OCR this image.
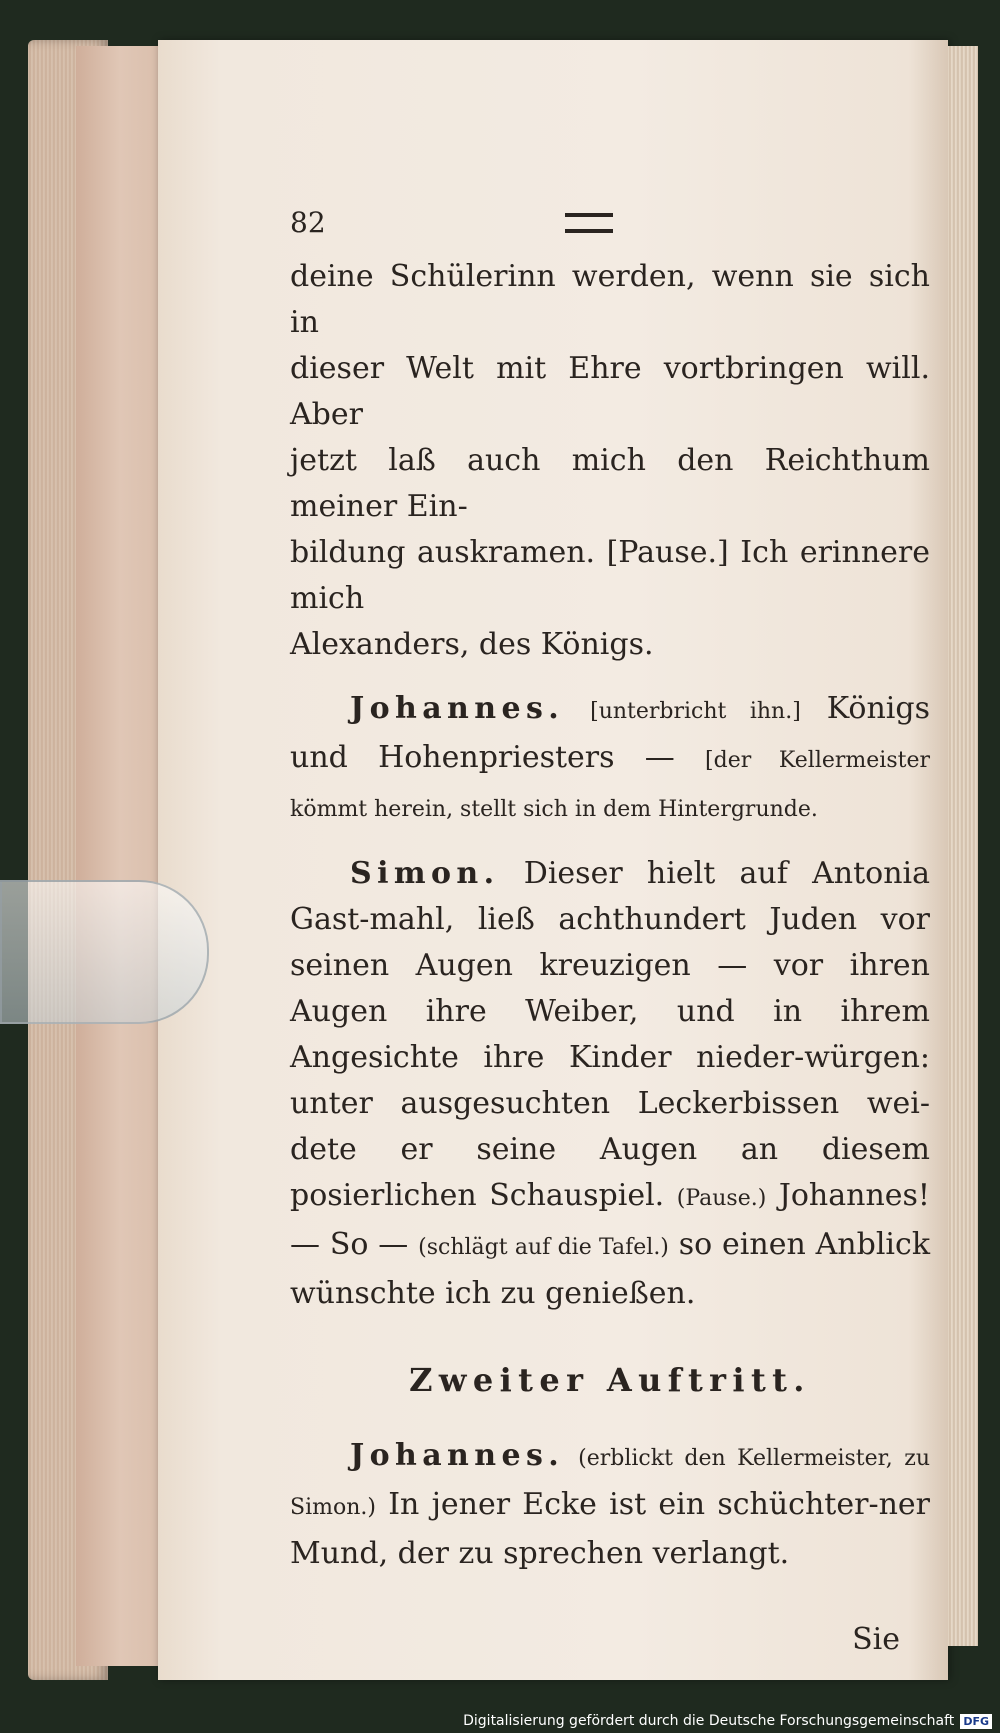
82
deine Schülerinn werden, wenn sie sich in
dieser Welt mit Ehre vortbringen will. Aber
jetzt laß auch mich den Reichthum meiner Ein-
bildung auskramen. [Pause.] Ich erinnere mich
Alexanders, des Königs.

Johannes. [unterbricht ihn.] Königs und Hohenpriesters — [der Kellermeister kömmt herein, stellt sich in dem Hintergrunde.

Simon. Dieser hielt auf Antonia Gast-mahl, ließ achthundert Juden vor seinen Augen kreuzigen — vor ihren Augen ihre Weiber, und in ihrem Angesichte ihre Kinder nieder-würgen: unter ausgesuchten Leckerbissen wei-dete er seine Augen an diesem posierlichen Schauspiel. (Pause.) Johannes! — So — (schlägt auf die Tafel.) so einen Anblick wünschte ich zu genießen.

Zweiter Auftritt.

Johannes. (erblickt den Kellermeister, zu Simon.) In jener Ecke ist ein schüchter-ner Mund, der zu sprechen verlangt.

Sie
Digitalisierung gefördert durch die Deutsche Forschungsgemeinschaft DFG
